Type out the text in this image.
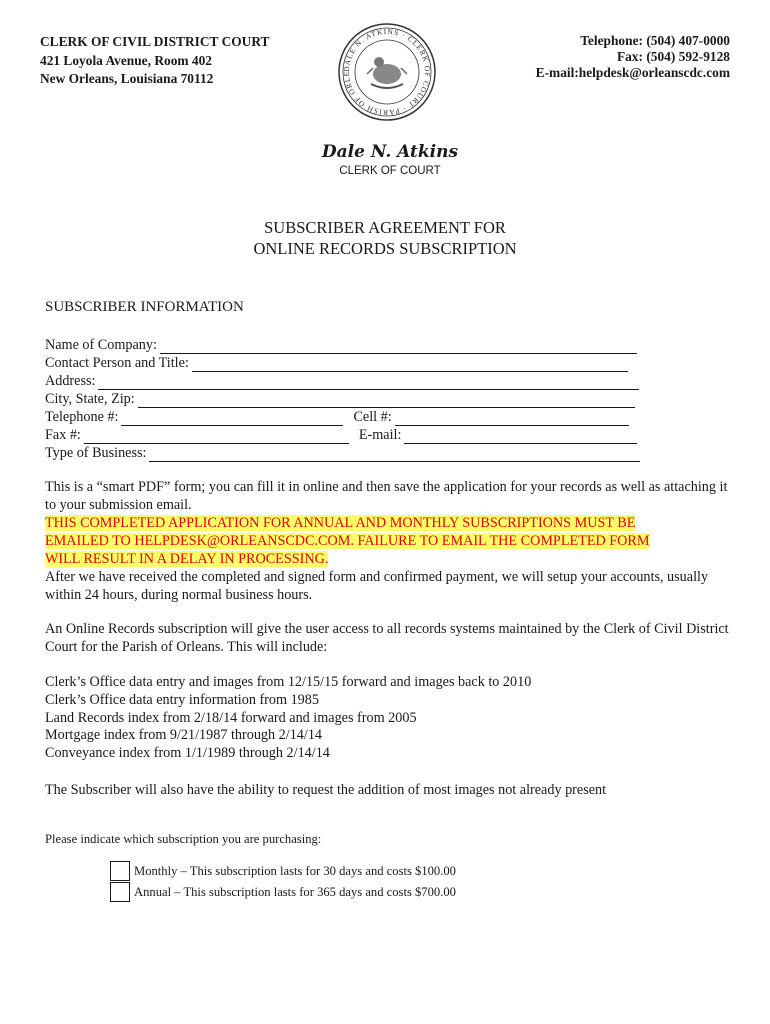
CLERK OF CIVIL DISTRICT COURT
421 Loyola Avenue, Room 402
New Orleans, Louisiana 70112
DALE N. ATKINS · CLERK OF COURT · PARISH OF ORLE
Telephone: (504) 407-0000
Fax: (504) 592-9128
E-mail:helpdesk@orleanscdc.com
Dale N. Atkins
CLERK OF COURT
SUBSCRIBER AGREEMENT FOR
ONLINE RECORDS SUBSCRIPTION
SUBSCRIBER INFORMATION
Name of Company:
Contact Person and Title:
Address:
City, State, Zip:
Telephone #:	Cell #:
Fax #:	E-mail:
Type of Business:
This is a “smart PDF” form; you can fill it in online and then save the application for your records as well as attaching it to your submission email.
THIS COMPLETED APPLICATION FOR ANNUAL AND MONTHLY SUBSCRIPTIONS MUST BE
EMAILED TO HELPDESK@ORLEANSCDC.COM. FAILURE TO EMAIL THE COMPLETED FORM
WILL RESULT IN A DELAY IN PROCESSING.
After we have received the completed and signed form and confirmed payment, we will setup your accounts, usually within 24 hours, during normal business hours.
An Online Records subscription will give the user access to all records systems maintained by the Clerk of Civil District Court for the Parish of Orleans. This will include:
Clerk’s Office data entry and images from 12/15/15 forward and images back to 2010
Clerk’s Office data entry information from 1985
Land Records index from 2/18/14 forward and images from 2005
Mortgage index from 9/21/1987 through 2/14/14
Conveyance index from 1/1/1989 through 2/14/14
The Subscriber will also have the ability to request the addition of most images not already present
Please indicate which subscription you are purchasing:
Monthly – This subscription lasts for 30 days and costs $100.00
Annual – This subscription lasts for 365 days and costs $700.00
